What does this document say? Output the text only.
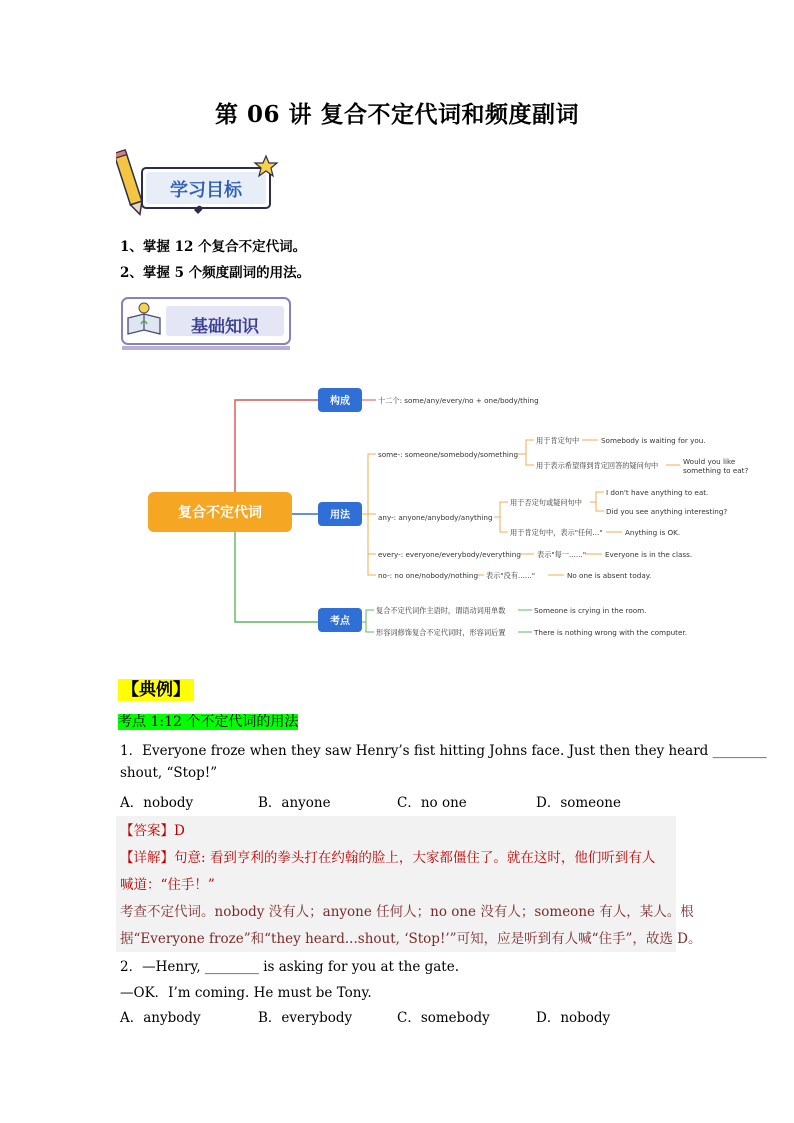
第 06 讲 复合不定代词和频度副词
学习目标
1、掌握 12 个复合不定代词。
2、掌握 5 个频度副词的用法。
基础知识
复合不定代词
构成
用法
考点
十二个: some/any/every/no + one/body/thing
some-: someone/somebody/something
用于肯定句中	Somebody is waiting for you.
用于表示希望得到肯定回答的疑问句中	Would you like
something to eat?
any-: anyone/anybody/anything
用于否定句或疑问句中
I don't have anything to eat.
Did you see anything interesting?
用于肯定句中，表示"任何..."	Anything is OK.
every-: everyone/everybody/everything 表示"每一......"	Everyone is in the class.
no-: no one/nobody/nothing 表示"没有......"	No one is absent today.
复合不定代词作主语时，谓语动词用单数	Someone is crying in the room.
形容词修饰复合不定代词时，形容词后置	There is nothing wrong with the computer.
【典例】
考点 1:12 个不定代词的用法
1．Everyone froze when they saw Henry’s fist hitting Johns face. Just then they heard ________
shout, “Stop!”
A．nobody	B．anyone	C．no one	D．someone
【答案】D
【详解】句意: 看到亨利的拳头打在约翰的脸上，大家都僵住了。就在这时，他们听到有人
喊道：“住手！”
考查不定代词。nobody 没有人；anyone 任何人；no one 没有人；someone 有人，某人。根
据“Everyone froze”和“they heard...shout, ‘Stop!’”可知，应是听到有人喊“住手”，故选 D。
2．—Henry, ________ is asking for you at the gate.
—OK．I’m coming. He must be Tony.
A．anybody	B．everybody	C．somebody	D．nobody
